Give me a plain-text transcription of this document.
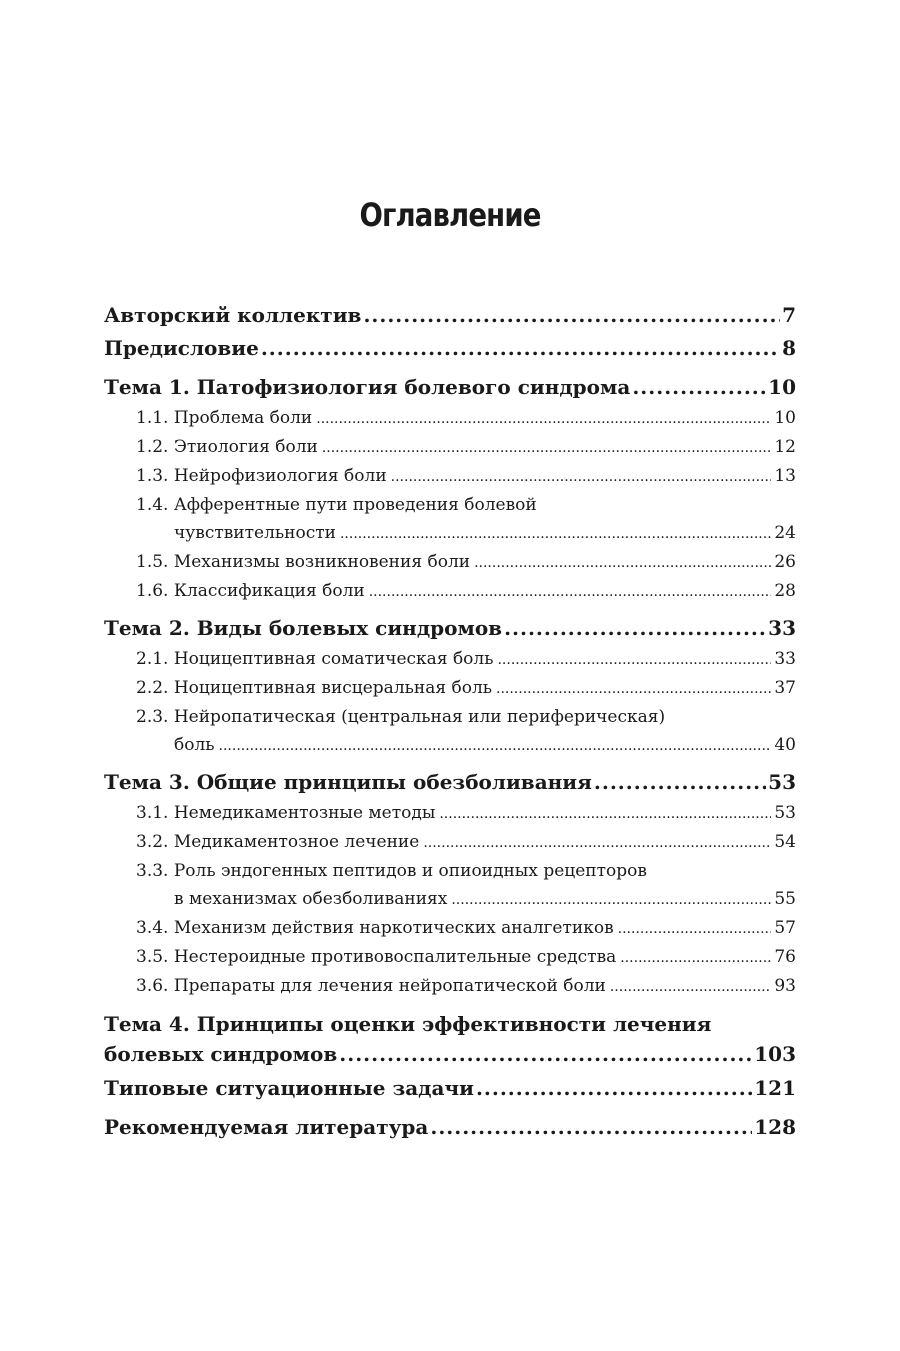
Оглавление
Авторский коллектив .....	7
Предисловие .....	8
Тема 1. Патофизиология болевого синдрома .....	10
1.1. Проблема боли .....	10
1.2. Этиология боли .....	12
1.3. Нейрофизиология боли .....	13
1.4. Афферентные пути проведения болевой
чувствительности .....	24
1.5. Механизмы возникновения боли .....	26
1.6. Классификация боли .....	28
Тема 2. Виды болевых синдромов .....	33
2.1. Ноцицептивная соматическая боль .....	33
2.2. Ноцицептивная висцеральная боль .....	37
2.3. Нейропатическая (центральная или периферическая)
боль .....	40
Тема 3. Общие принципы обезболивания .....	53
3.1. Немедикаментозные методы .....	53
3.2. Медикаментозное лечение .....	54
3.3. Роль эндогенных пептидов и опиоидных рецепторов
в механизмах обезболиваниях .....	55
3.4. Механизм действия наркотических аналгетиков .....	57
3.5. Нестероидные противовоспалительные средства .....	76
3.6. Препараты для лечения нейропатической боли .....	93
Тема 4. Принципы оценки эффективности лечения
болевых синдромов .....	103
Типовые ситуационные задачи .....	121
Рекомендуемая литература .....	128
